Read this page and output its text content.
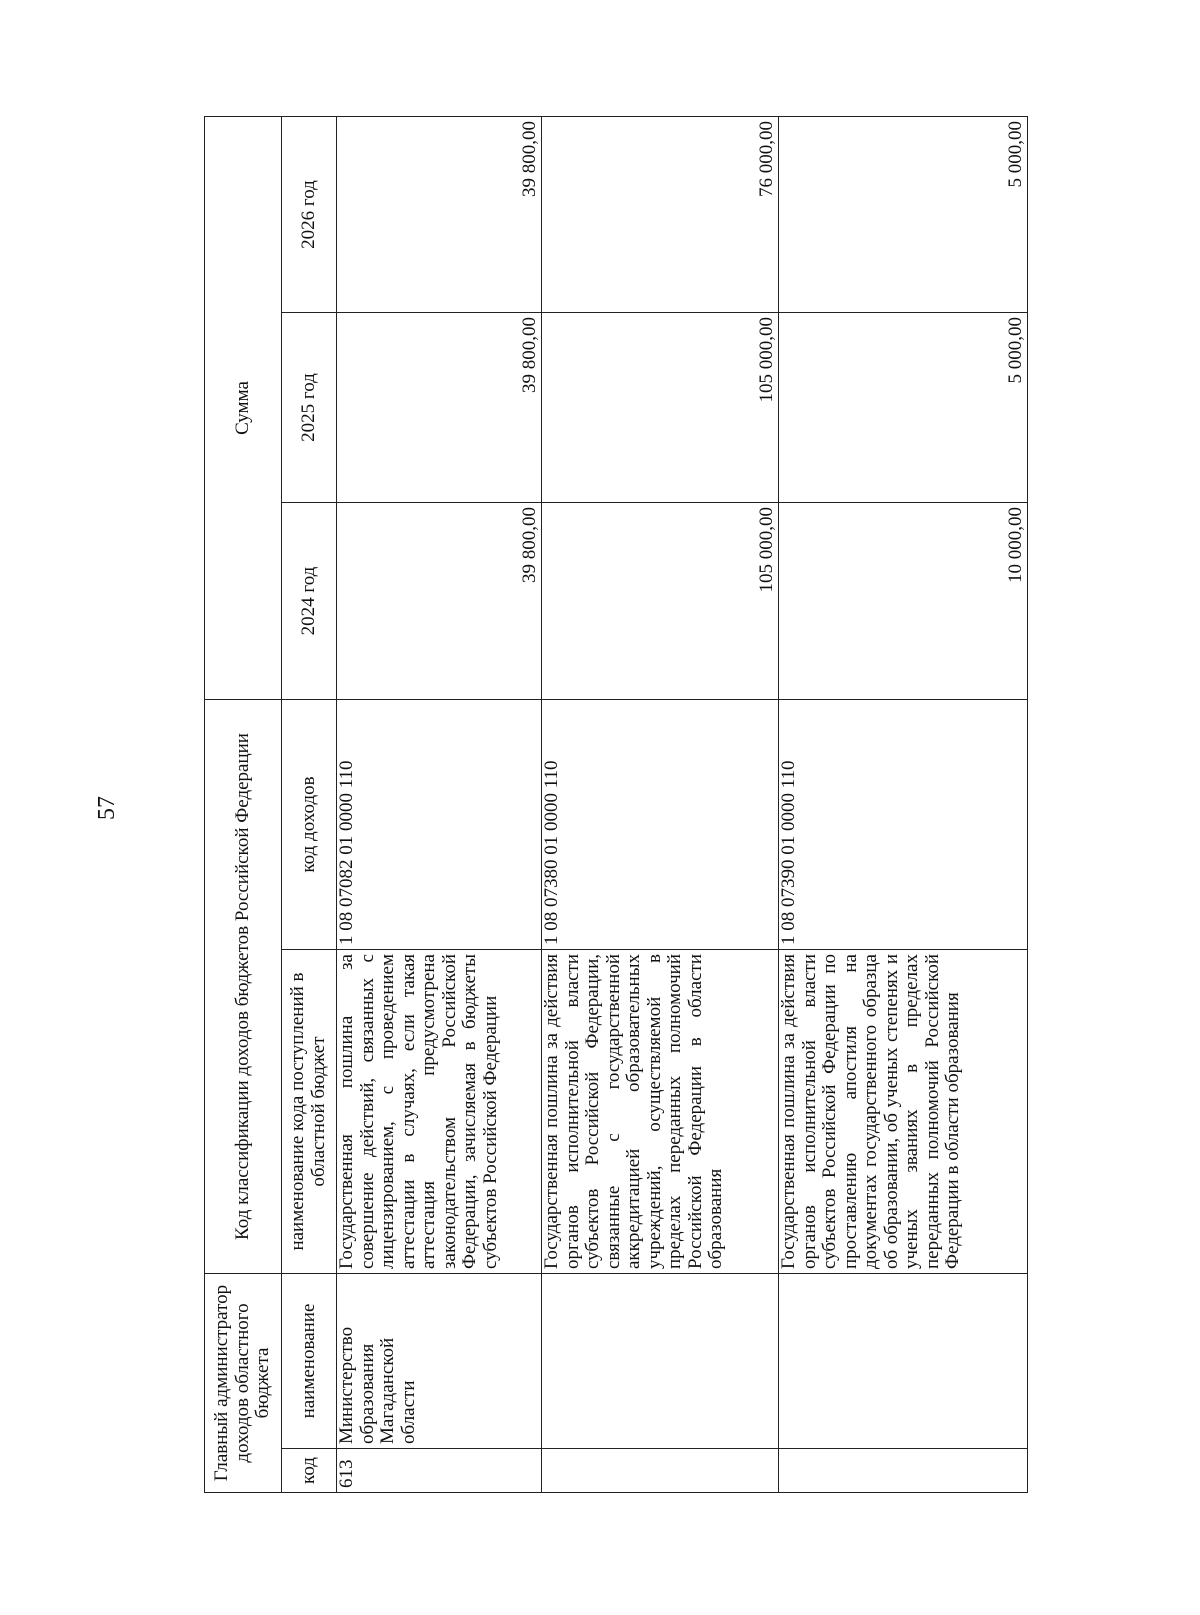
57
Главный администратор доходов областного бюджета		Код классификации доходов бюджетов Российской Федерации		Сумма		
код	наименование	наименование кода поступлений в областной бюджет	код доходов			
				2024 год	2025 год	2026 год
613	Министерство образования Магаданской области	Государственная пошлина за совершение действий, связанных с лицензированием, с проведением аттестации в случаях, если такая аттестация предусмотрена законодательством Российской Федерации, зачисляемая в бюджеты субъектов Российской Федерации	1 08 07082 01 0000 110	39 800,00	39 800,00	39 800,00
		Государственная пошлина за действия органов исполнительной власти субъектов Российской Федерации, связанные с государственной аккредитацией образовательных учреждений, осуществляемой в пределах переданных полномочий Российской Федерации в области образования	1 08 07380 01 0000 110	105 000,00	105 000,00	76 000,00
		Государственная пошлина за действия органов исполнительной власти субъектов Российской Федерации по проставлению апостиля на документах государственного образца об образовании, об ученых степенях и ученых званиях в пределах переданных полномочий Российской Федерации в области образования	1 08 07390 01 0000 110	10 000,00	5 000,00	5 000,00
